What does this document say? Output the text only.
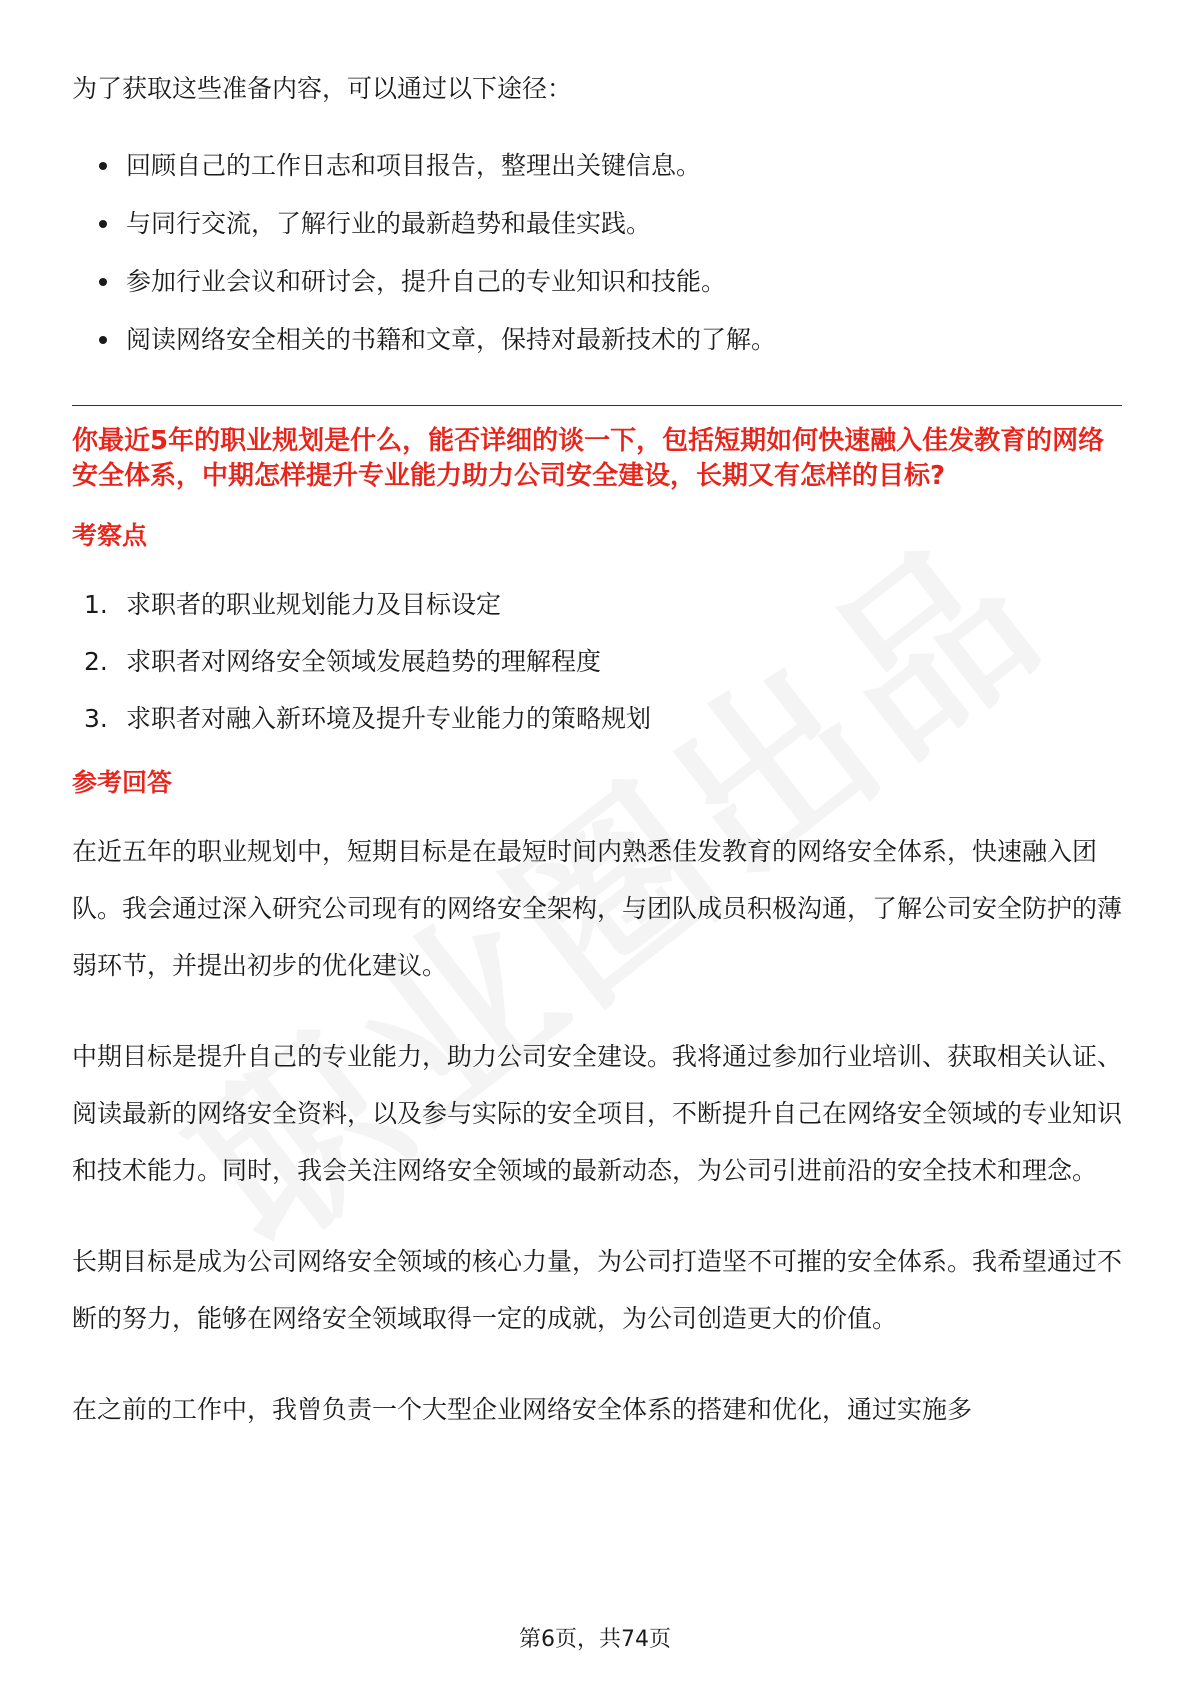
为了获取这些准备内容，可以通过以下途径：

回顾自己的工作日志和项目报告，整理出关键信息。
与同行交流，了解行业的最新趋势和最佳实践。
参加行业会议和研讨会，提升自己的专业知识和技能。
阅读网络安全相关的书籍和文章，保持对最新技术的了解。

你最近5年的职业规划是什么，能否详细的谈一下，包括短期如何快速融入佳发教育的网络安全体系，中期怎样提升专业能力助力公司安全建设，长期又有怎样的目标?

考察点

1. 求职者的职业规划能力及目标设定
2. 求职者对网络安全领域发展趋势的理解程度
3. 求职者对融入新环境及提升专业能力的策略规划

参考回答

在近五年的职业规划中，短期目标是在最短时间内熟悉佳发教育的网络安全体系，快速融入团队。我会通过深入研究公司现有的网络安全架构，与团队成员积极沟通，了解公司安全防护的薄弱环节，并提出初步的优化建议。

中期目标是提升自己的专业能力，助力公司安全建设。我将通过参加行业培训、获取相关认证、阅读最新的网络安全资料，以及参与实际的安全项目，不断提升自己在网络安全领域的专业知识和技术能力。同时，我会关注网络安全领域的最新动态，为公司引进前沿的安全技术和理念。

长期目标是成为公司网络安全领域的核心力量，为公司打造坚不可摧的安全体系。我希望通过不断的努力，能够在网络安全领域取得一定的成就，为公司创造更大的价值。

在之前的工作中，我曾负责一个大型企业网络安全体系的搭建和优化，通过实施多

第6页，共74页
